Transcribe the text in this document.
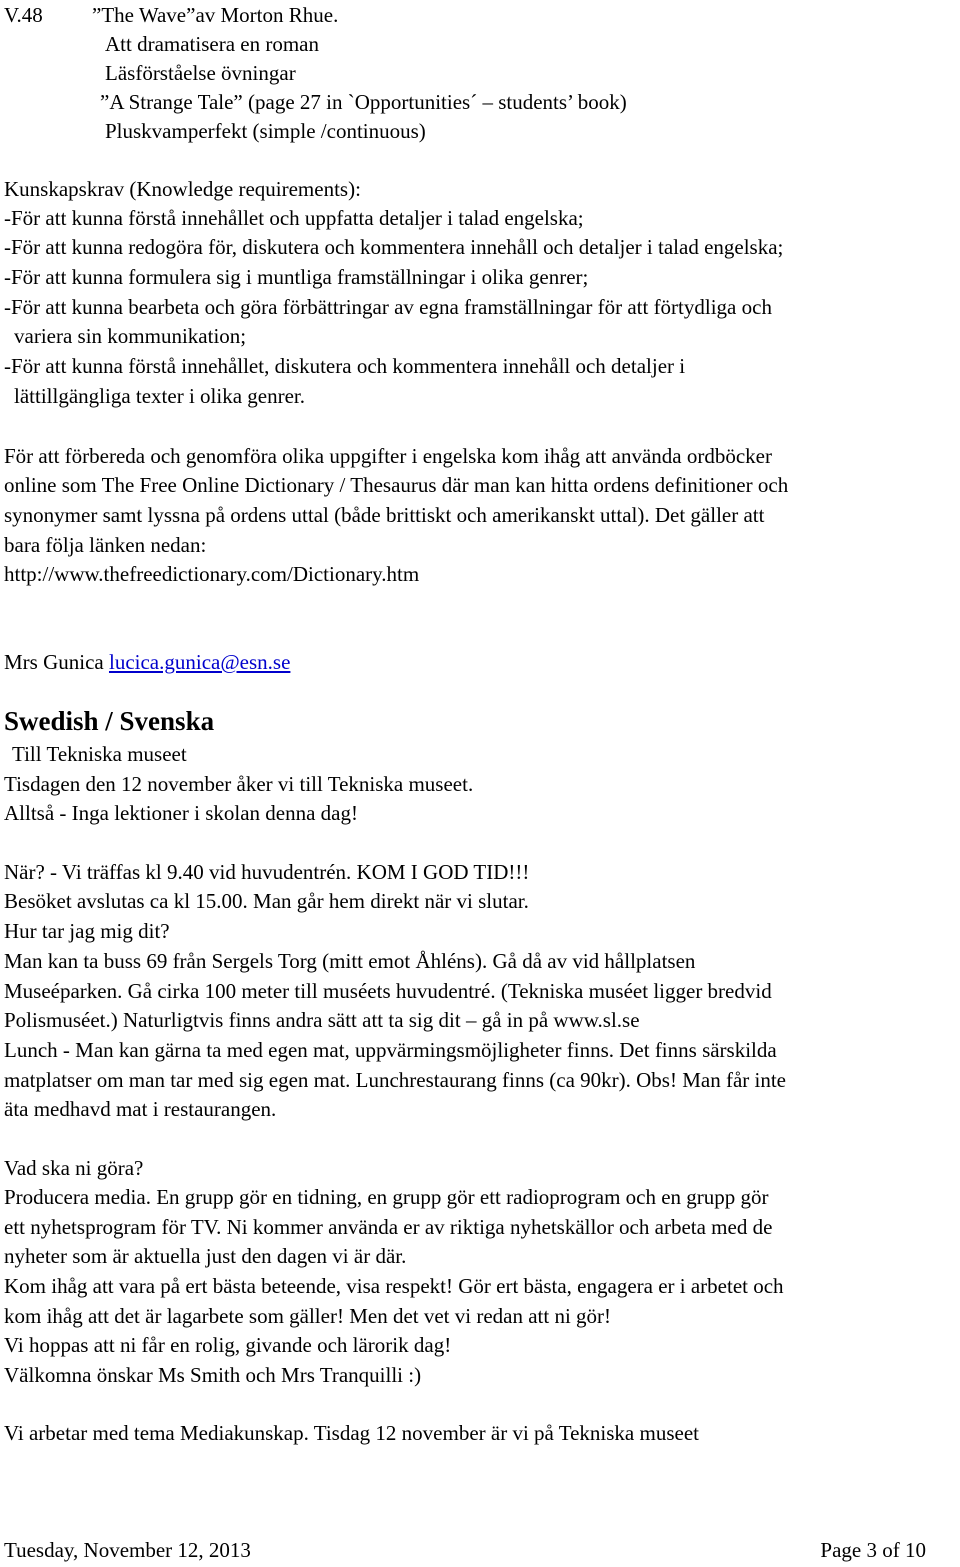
V.48 ”The Wave”av Morton Rhue.
Att dramatisera en roman
Läsförståelse övningar
”A Strange Tale” (page 27 in `Opportunities´ – students’ book)
Pluskvamperfekt (simple /continuous)
Kunskapskrav (Knowledge requirements):
-För att kunna förstå innehållet och uppfatta detaljer i talad engelska;
-För att kunna redogöra för, diskutera och kommentera innehåll och detaljer i talad engelska;
-För att kunna formulera sig i muntliga framställningar i olika genrer;
-För att kunna bearbeta och göra förbättringar av egna framställningar för att förtydliga och
variera sin kommunikation;
-För att kunna förstå innehållet, diskutera och kommentera innehåll och detaljer i
lättillgängliga texter i olika genrer.
För att förbereda och genomföra olika uppgifter i engelska kom ihåg att använda ordböcker
online som The Free Online Dictionary / Thesaurus där man kan hitta ordens definitioner och
synonymer samt lyssna på ordens uttal (både brittiskt och amerikanskt uttal). Det gäller att
bara följa länken nedan:
http://www.thefreedictionary.com/Dictionary.htm
Mrs Gunica lucica.gunica@esn.se
Swedish / Svenska
Till Tekniska museet
Tisdagen den 12 november åker vi till Tekniska museet.
Alltså - Inga lektioner i skolan denna dag!
När? - Vi träffas kl 9.40 vid huvudentrén. KOM I GOD TID!!!
Besöket avslutas ca kl 15.00. Man går hem direkt när vi slutar.
Hur tar jag mig dit?
Man kan ta buss 69 från Sergels Torg (mitt emot Åhléns). Gå då av vid hållplatsen
Museéparken. Gå cirka 100 meter till muséets huvudentré. (Tekniska muséet ligger bredvid
Polismuséet.) Naturligtvis finns andra sätt att ta sig dit – gå in på www.sl.se
Lunch - Man kan gärna ta med egen mat, uppvärmingsmöjligheter finns. Det finns särskilda
matplatser om man tar med sig egen mat. Lunchrestaurang finns (ca 90kr). Obs! Man får inte
äta medhavd mat i restaurangen.
Vad ska ni göra?
Producera media. En grupp gör en tidning, en grupp gör ett radioprogram och en grupp gör
ett nyhetsprogram för TV. Ni kommer använda er av riktiga nyhetskällor och arbeta med de
nyheter som är aktuella just den dagen vi är där.
Kom ihåg att vara på ert bästa beteende, visa respekt! Gör ert bästa, engagera er i arbetet och
kom ihåg att det är lagarbete som gäller! Men det vet vi redan att ni gör!
Vi hoppas att ni får en rolig, givande och lärorik dag!
Välkomna önskar Ms Smith och Mrs Tranquilli :)
Vi arbetar med tema Mediakunskap. Tisdag 12 november är vi på Tekniska museet
Tuesday, November 12, 2013	Page 3 of 10
